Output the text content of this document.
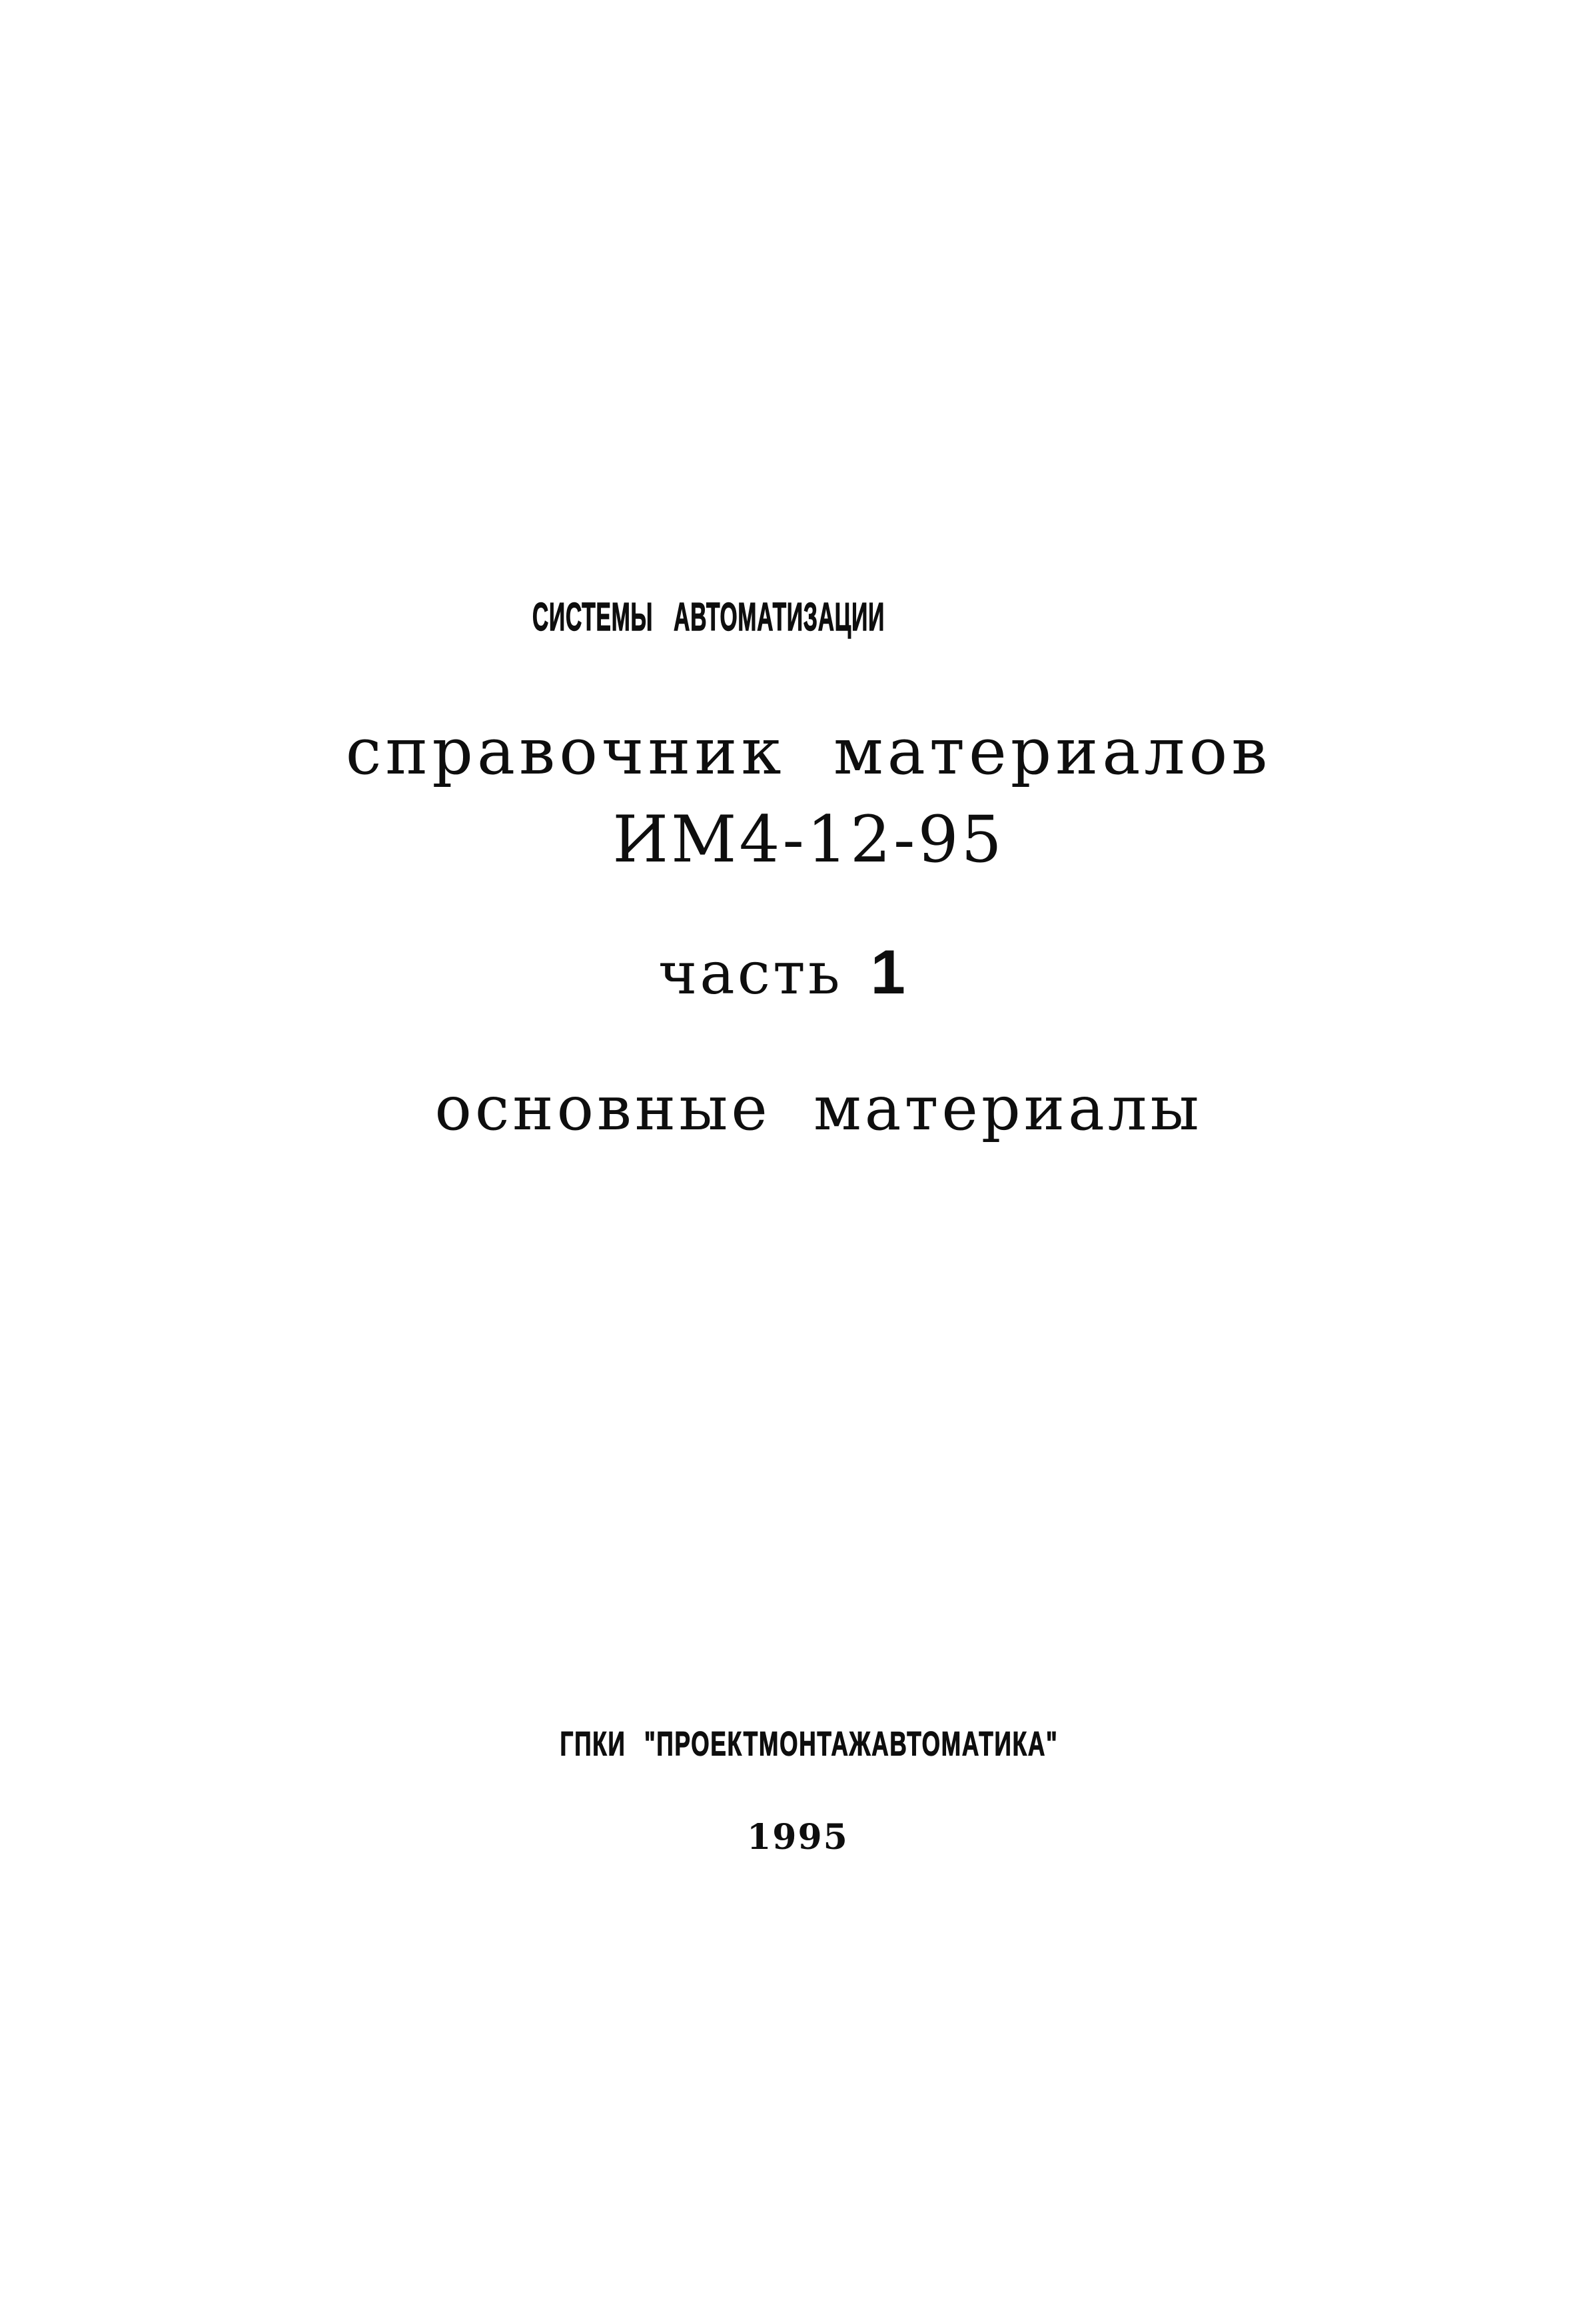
СИСТЕМЫ АВТОМАТИЗАЦИИ
справочник материалов
ИМ4-12-95
часть 1
основные материалы
ГПКИ "ПРОЕКТМОНТАЖАВТОМАТИКА"
1995
